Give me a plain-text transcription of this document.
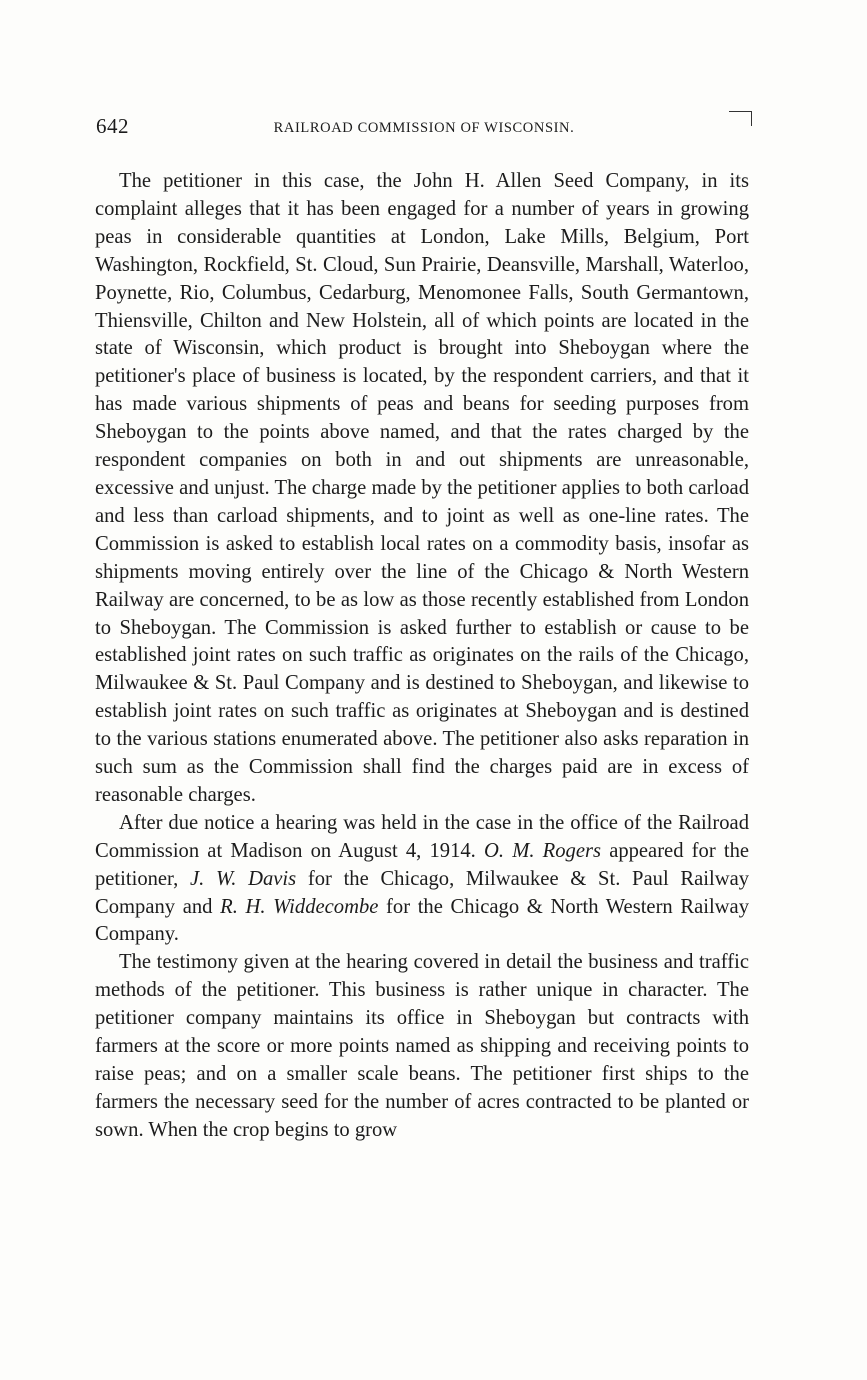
642	RAILROAD COMMISSION OF WISCONSIN.

The petitioner in this case, the John H. Allen Seed Company, in its complaint alleges that it has been engaged for a number of years in growing peas in considerable quantities at London, Lake Mills, Belgium, Port Washington, Rockfield, St. Cloud, Sun Prairie, Deansville, Marshall, Waterloo, Poynette, Rio, Columbus, Cedarburg, Menomonee Falls, South Germantown, Thiensville, Chilton and New Holstein, all of which points are located in the state of Wisconsin, which product is brought into Sheboygan where the petitioner's place of business is located, by the respondent carriers, and that it has made various shipments of peas and beans for seeding purposes from Sheboygan to the points above named, and that the rates charged by the respondent companies on both in and out shipments are unreasonable, excessive and unjust. The charge made by the petitioner applies to both carload and less than carload shipments, and to joint as well as one-line rates. The Commission is asked to establish local rates on a commodity basis, insofar as shipments moving entirely over the line of the Chicago & North Western Railway are concerned, to be as low as those recently established from London to Sheboygan. The Commission is asked further to establish or cause to be established joint rates on such traffic as originates on the rails of the Chicago, Milwaukee & St. Paul Company and is destined to Sheboygan, and likewise to establish joint rates on such traffic as originates at Sheboygan and is destined to the various stations enumerated above. The petitioner also asks reparation in such sum as the Commission shall find the charges paid are in excess of reasonable charges.

After due notice a hearing was held in the case in the office of the Railroad Commission at Madison on August 4, 1914. O. M. Rogers appeared for the petitioner, J. W. Davis for the Chicago, Milwaukee & St. Paul Railway Company and R. H. Widdecombe for the Chicago & North Western Railway Company.

The testimony given at the hearing covered in detail the business and traffic methods of the petitioner. This business is rather unique in character. The petitioner company maintains its office in Sheboygan but contracts with farmers at the score or more points named as shipping and receiving points to raise peas; and on a smaller scale beans. The petitioner first ships to the farmers the necessary seed for the number of acres contracted to be planted or sown. When the crop begins to grow
